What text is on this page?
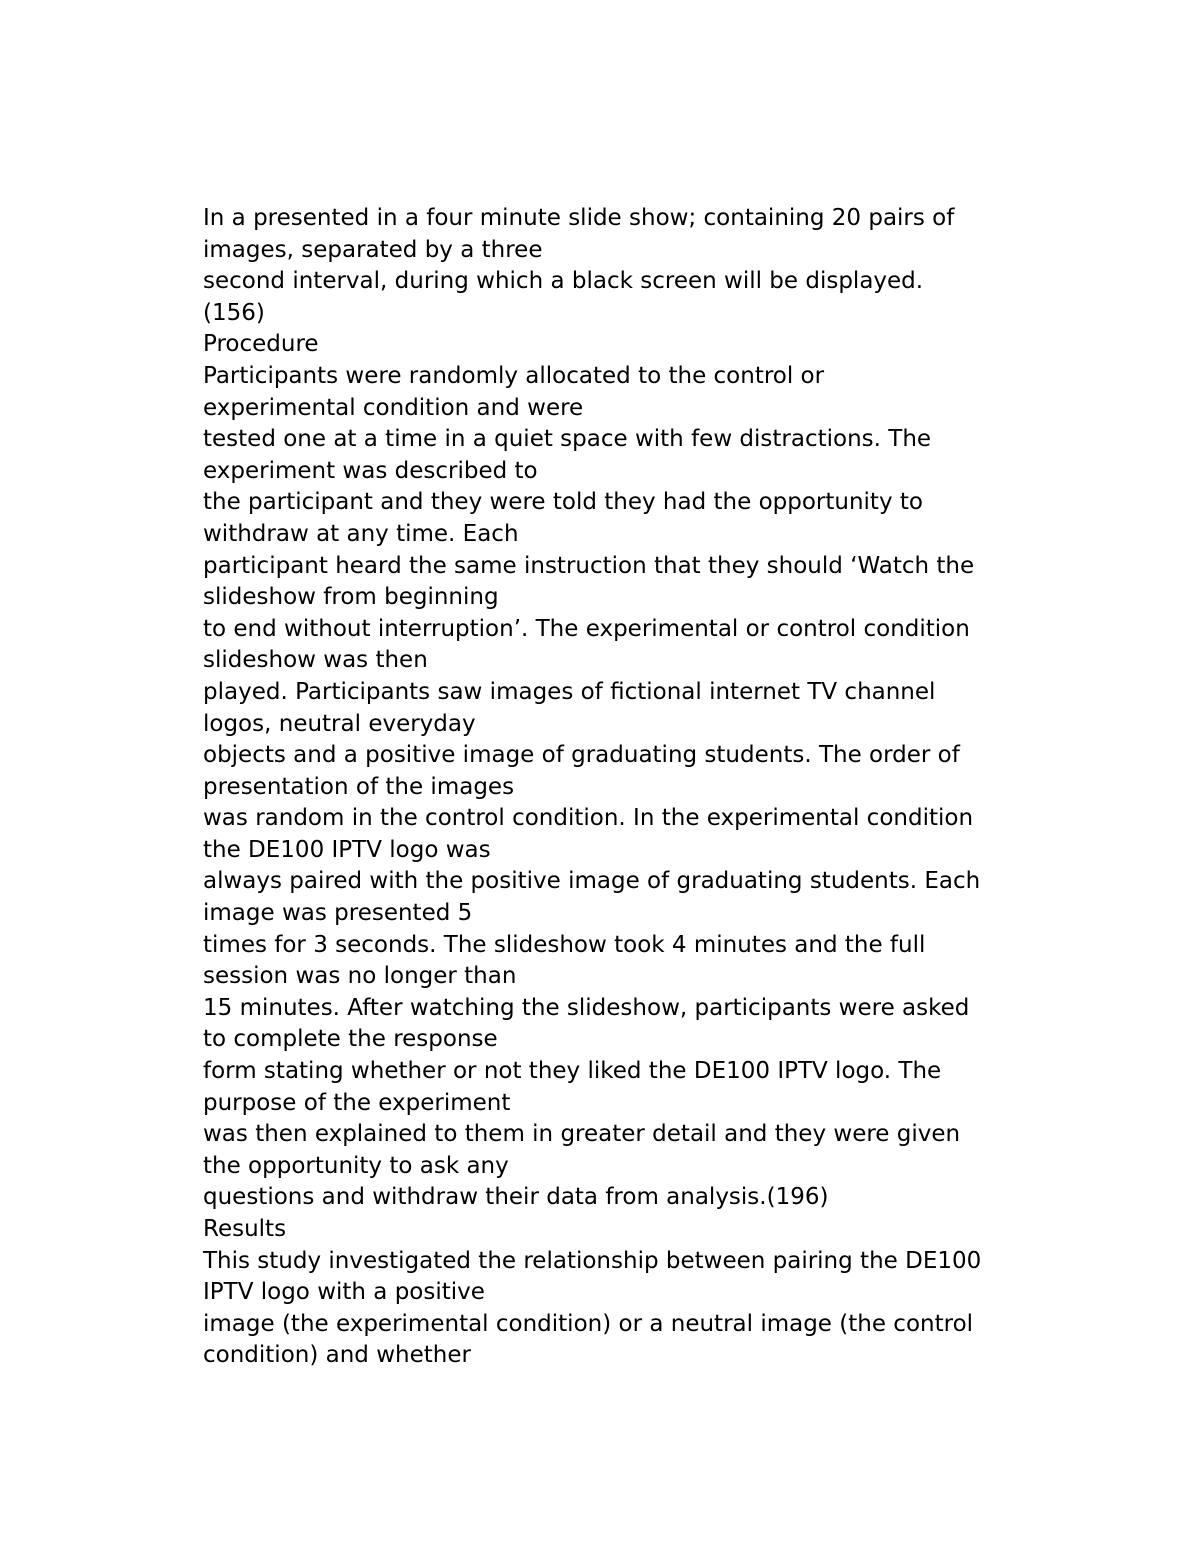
In a presented in a four minute slide show; containing 20 pairs of
images, separated by a three
second interval, during which a black screen will be displayed.
(156)
Procedure
Participants were randomly allocated to the control or
experimental condition and were
tested one at a time in a quiet space with few distractions. The
experiment was described to
the participant and they were told they had the opportunity to
withdraw at any time. Each
participant heard the same instruction that they should ‘Watch the
slideshow from beginning
to end without interruption’. The experimental or control condition
slideshow was then
played. Participants saw images of fictional internet TV channel
logos, neutral everyday
objects and a positive image of graduating students. The order of
presentation of the images
was random in the control condition. In the experimental condition
the DE100 IPTV logo was
always paired with the positive image of graduating students. Each
image was presented 5
times for 3 seconds. The slideshow took 4 minutes and the full
session was no longer than
15 minutes. After watching the slideshow, participants were asked
to complete the response
form stating whether or not they liked the DE100 IPTV logo. The
purpose of the experiment
was then explained to them in greater detail and they were given
the opportunity to ask any
questions and withdraw their data from analysis.(196)
Results
This study investigated the relationship between pairing the DE100
IPTV logo with a positive
image (the experimental condition) or a neutral image (the control
condition) and whether
